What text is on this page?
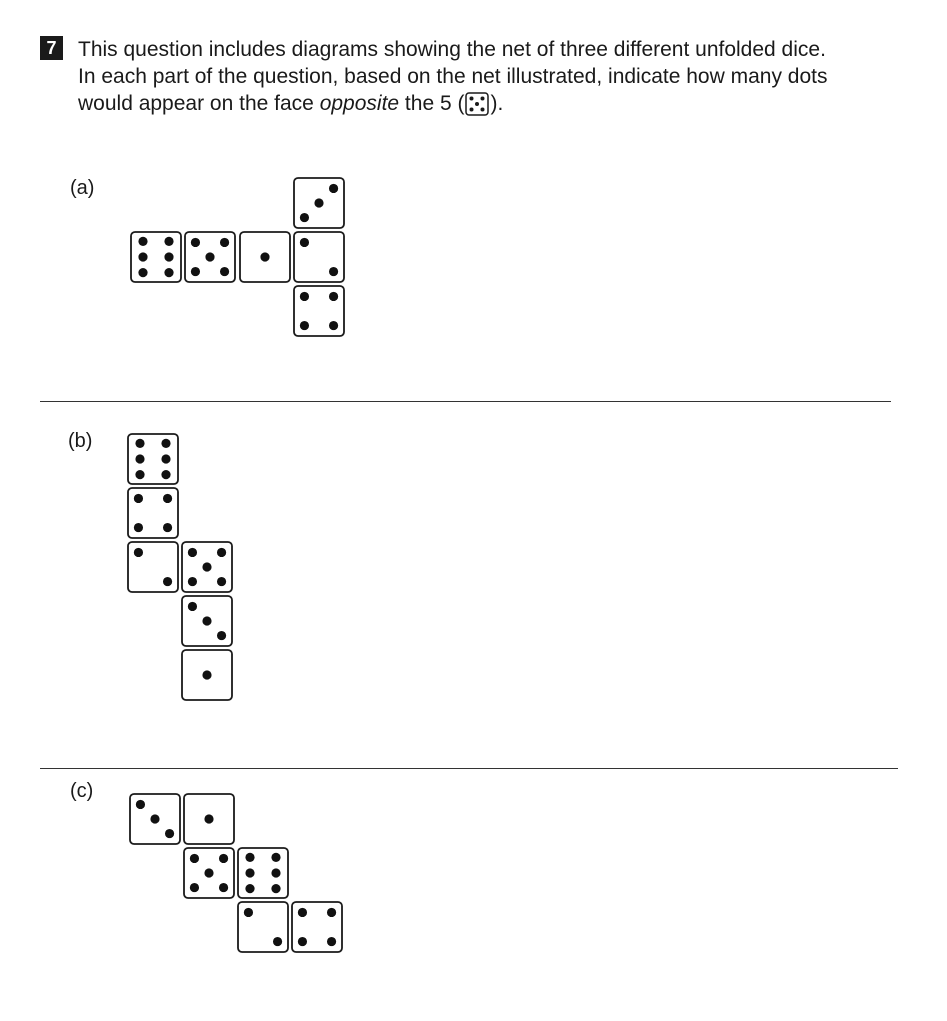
7	This question includes diagrams showing the net of three different unfolded dice.
In each part of the question, based on the net illustrated, indicate how many dots
would appear on the face opposite the 5 ( ).
(a)
(b)
(c)
